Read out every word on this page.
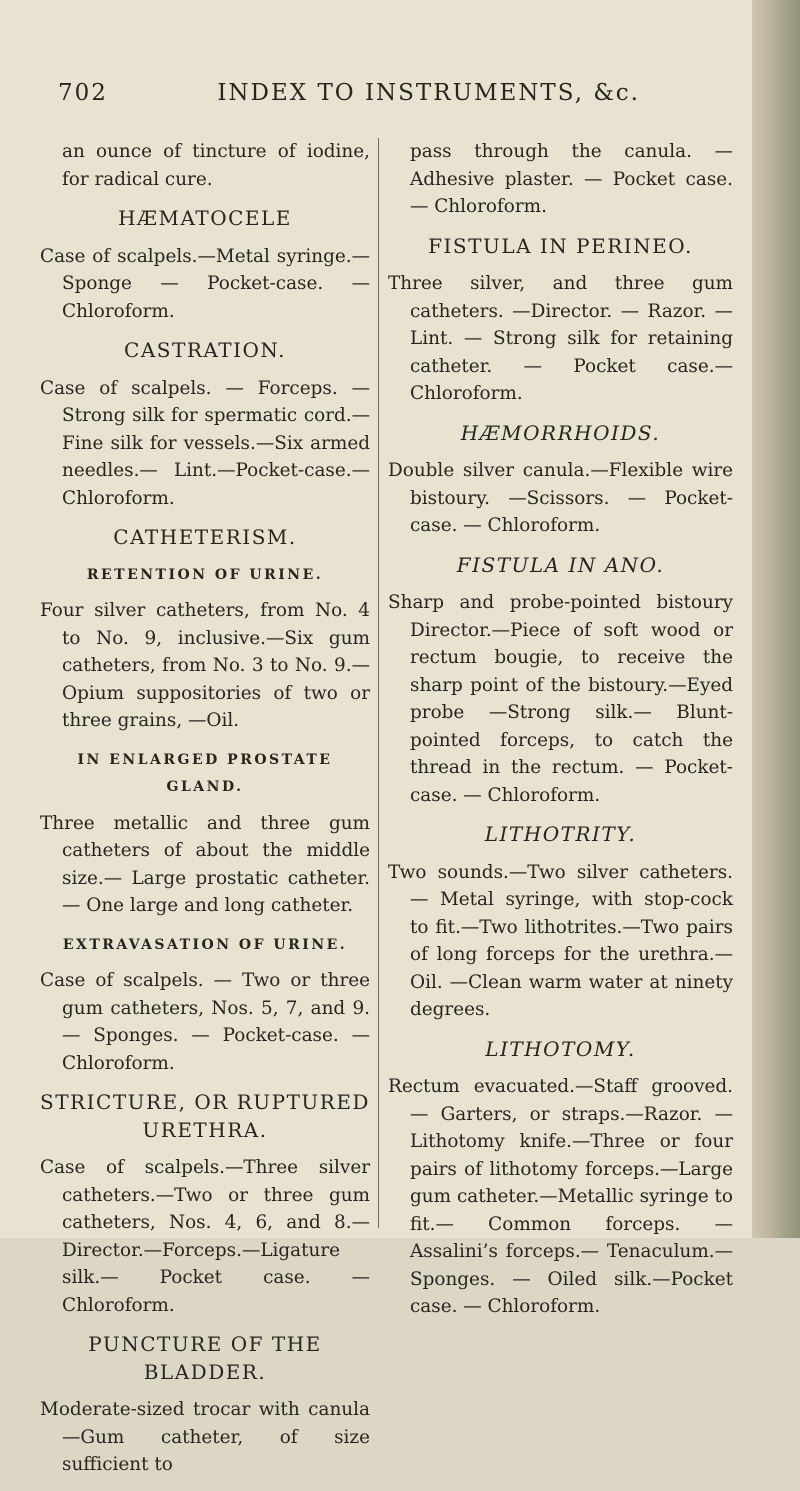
702	INDEX TO INSTRUMENTS, &c.
an ounce of tincture of iodine, for radical cure.
HÆMATOCELE
Case of scalpels.—Metal syringe.—Sponge — Pocket-case. — Chloroform.
CASTRATION.
Case of scalpels. — Forceps. — Strong silk for spermatic cord.—Fine silk for vessels.—Six armed needles.— Lint.—Pocket-case.—Chloroform.
CATHETERISM.
RETENTION OF URINE.
Four silver catheters, from No. 4 to No. 9, inclusive.—Six gum catheters, from No. 3 to No. 9.—Opium suppositories of two or three grains, —Oil.
IN ENLARGED PROSTATE GLAND.
Three metallic and three gum catheters of about the middle size.— Large prostatic catheter. — One large and long catheter.
EXTRAVASATION OF URINE.
Case of scalpels. — Two or three gum catheters, Nos. 5, 7, and 9.— Sponges. — Pocket-case. — Chloroform.
STRICTURE, OR RUPTURED URETHRA.
Case of scalpels.—Three silver catheters.—Two or three gum catheters, Nos. 4, 6, and 8.—Director.—Forceps.—Ligature silk.— Pocket case. —Chloroform.
PUNCTURE OF THE BLADDER.
Moderate-sized trocar with canula —Gum catheter, of size sufficient to
pass through the canula. —Adhesive plaster. — Pocket case. — Chloroform.
FISTULA IN PERINEO.
Three silver, and three gum catheters. —Director. — Razor. — Lint. — Strong silk for retaining catheter. — Pocket case.—Chloroform.
HÆMORRHOIDS.
Double silver canula.—Flexible wire bistoury. —Scissors. — Pocket-case. — Chloroform.
FISTULA IN ANO.
Sharp and probe-pointed bistoury Director.—Piece of soft wood or rectum bougie, to receive the sharp point of the bistoury.—Eyed probe —Strong silk.— Blunt-pointed forceps, to catch the thread in the rectum. — Pocket-case. — Chloroform.
LITHOTRITY.
Two sounds.—Two silver catheters.— Metal syringe, with stop-cock to fit.—Two lithotrites.—Two pairs of long forceps for the urethra.—Oil. —Clean warm water at ninety degrees.
LITHOTOMY.
Rectum evacuated.—Staff grooved.— Garters, or straps.—Razor. — Lithotomy knife.—Three or four pairs of lithotomy forceps.—Large gum catheter.—Metallic syringe to fit.— Common forceps. — Assalini’s forceps.— Tenaculum.—Sponges. — Oiled silk.—Pocket case. — Chloroform.
